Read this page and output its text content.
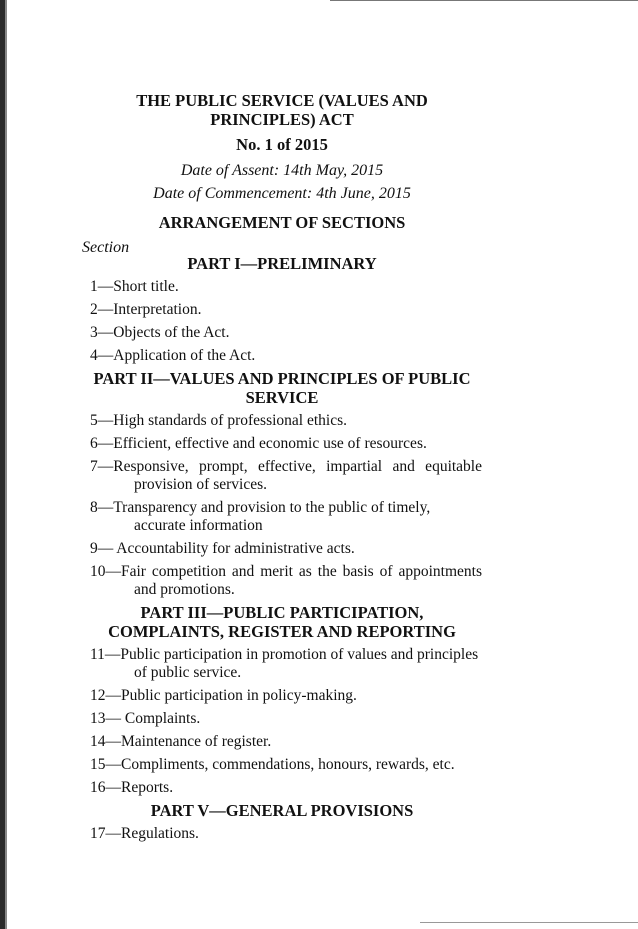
THE PUBLIC SERVICE (VALUES AND PRINCIPLES) ACT
No. 1 of 2015
Date of Assent: 14th May, 2015
Date of Commencement: 4th June, 2015
ARRANGEMENT OF SECTIONS
Section
PART I—PRELIMINARY
1—Short title.
2—Interpretation.
3—Objects of the Act.
4—Application of the Act.
PART II—VALUES AND PRINCIPLES OF PUBLIC SERVICE
5—High standards of professional ethics.
6—Efficient, effective and economic use of resources.
7—Responsive, prompt, effective, impartial and equitable provision of services.
8—Transparency and provision to the public of timely, accurate information
9— Accountability for administrative acts.
10—Fair competition and merit as the basis of appointments and promotions.
PART III—PUBLIC PARTICIPATION, COMPLAINTS, REGISTER AND REPORTING
11—Public participation in promotion of values and principles of public service.
12—Public participation in policy-making.
13— Complaints.
14—Maintenance of register.
15—Compliments, commendations, honours, rewards, etc.
16—Reports.
PART V—GENERAL PROVISIONS
17—Regulations.
